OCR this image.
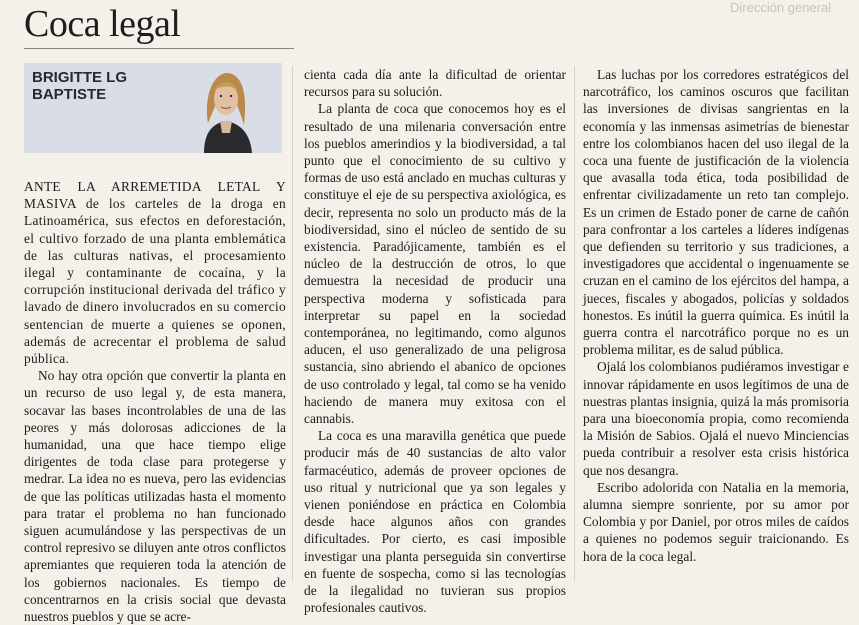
Dirección general
Coca legal
BRIGITTE LG BAPTISTE

ANTE LA ARREMETIDA LETAL Y MASIVA de los carteles de la droga en Latinoamérica, sus efectos en deforestación, el cultivo forzado de una planta emblemática de las culturas nativas, el procesamiento ilegal y contaminante de cocaína, y la corrupción institucional derivada del tráfico y lavado de dinero involucrados en su comercio sentencian de muerte a quienes se oponen, además de acrecentar el problema de salud pública.

No hay otra opción que convertir la planta en un recurso de uso legal y, de esta manera, socavar las bases incontrolables de una de las peores y más dolorosas adicciones de la humanidad, una que hace tiempo elige dirigentes de toda clase para protegerse y medrar. La idea no es nueva, pero las evidencias de que las políticas utilizadas hasta el momento para tratar el problema no han funcionado siguen acumulándose y las perspectivas de un control represivo se diluyen ante otros conflictos apremiantes que requieren toda la atención de los gobiernos nacionales. Es tiempo de concentrarnos en la crisis social que devasta nuestros pueblos y que se acre-

cienta cada día ante la dificultad de orientar recursos para su solución.

La planta de coca que conocemos hoy es el resultado de una milenaria conversación entre los pueblos amerindios y la biodiversidad, a tal punto que el conocimiento de su cultivo y formas de uso está anclado en muchas culturas y constituye el eje de su perspectiva axiológica, es decir, representa no solo un producto más de la biodiversidad, sino el núcleo de sentido de su existencia. Paradójicamente, también es el núcleo de la destrucción de otros, lo que demuestra la necesidad de producir una perspectiva moderna y sofisticada para interpretar su papel en la sociedad contemporánea, no legitimando, como algunos aducen, el uso generalizado de una peligrosa sustancia, sino abriendo el abanico de opciones de uso controlado y legal, tal como se ha venido haciendo de manera muy exitosa con el cannabis.

La coca es una maravilla genética que puede producir más de 40 sustancias de alto valor farmacéutico, además de proveer opciones de uso ritual y nutricional que ya son legales y vienen poniéndose en práctica en Colombia desde hace algunos años con grandes dificultades. Por cierto, es casi imposible investigar una planta perseguida sin convertirse en fuente de sospecha, como si las tecnologías de la ilegalidad no tuvieran sus propios profesionales cautivos.

Las luchas por los corredores estratégicos del narcotráfico, los caminos oscuros que facilitan las inversiones de divisas sangrientas en la economía y las inmensas asimetrías de bienestar entre los colombianos hacen del uso ilegal de la coca una fuente de justificación de la violencia que avasalla toda ética, toda posibilidad de enfrentar civilizadamente un reto tan complejo. Es un crimen de Estado poner de carne de cañón para confrontar a los carteles a líderes indígenas que defienden su territorio y sus tradiciones, a investigadores que accidental o ingenuamente se cruzan en el camino de los ejércitos del hampa, a jueces, fiscales y abogados, policías y soldados honestos. Es inútil la guerra química. Es inútil la guerra contra el narcotráfico porque no es un problema militar, es de salud pública.

Ojalá los colombianos pudiéramos investigar e innovar rápidamente en usos legítimos de una de nuestras plantas insignia, quizá la más promisoria para una bioeconomía propia, como recomienda la Misión de Sabios. Ojalá el nuevo Minciencias pueda contribuir a resolver esta crisis histórica que nos desangra.

Escribo adolorida con Natalia en la memoria, alumna siempre sonriente, por su amor por Colombia y por Daniel, por otros miles de caídos a quienes no podemos seguir traicionando. Es hora de la coca legal.
